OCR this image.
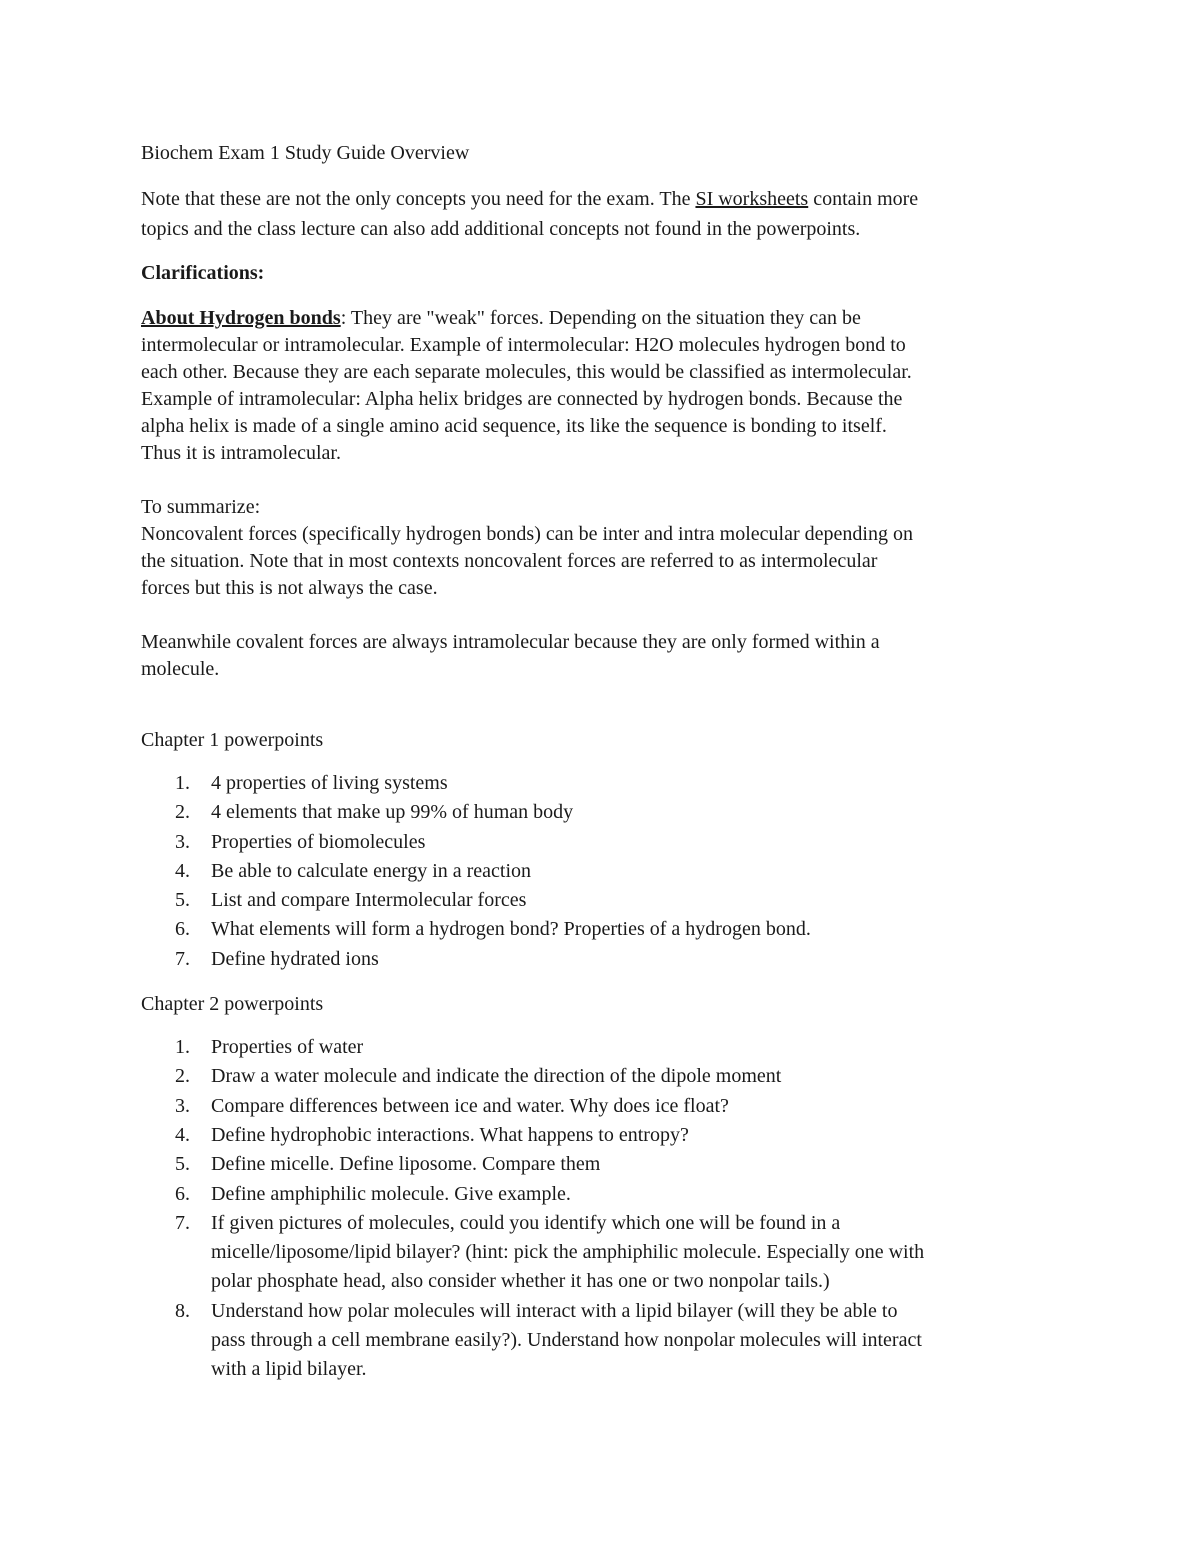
Biochem Exam 1 Study Guide Overview

Note that these are not the only concepts you need for the exam. The SI worksheets contain more

topics and the class lecture can also add additional concepts not found in the powerpoints.

Clarifications:

About Hydrogen bonds: They are "weak" forces. Depending on the situation they can be

intermolecular or intramolecular. Example of intermolecular: H2O molecules hydrogen bond to

each other. Because they are each separate molecules, this would be classified as intermolecular.

Example of intramolecular: Alpha helix bridges are connected by hydrogen bonds. Because the

alpha helix is made of a single amino acid sequence, its like the sequence is bonding to itself.

Thus it is intramolecular.

To summarize:

Noncovalent forces (specifically hydrogen bonds) can be inter and intra molecular depending on

the situation. Note that in most contexts noncovalent forces are referred to as intermolecular

forces but this is not always the case.

Meanwhile covalent forces are always intramolecular because they are only formed within a

molecule.

Chapter 1 powerpoints

1. 4 properties of living systems
2. 4 elements that make up 99% of human body
3. Properties of biomolecules
4. Be able to calculate energy in a reaction
5. List and compare Intermolecular forces
6. What elements will form a hydrogen bond? Properties of a hydrogen bond.
7. Define hydrated ions

Chapter 2 powerpoints

1. Properties of water
2. Draw a water molecule and indicate the direction of the dipole moment
3. Compare differences between ice and water. Why does ice float?
4. Define hydrophobic interactions. What happens to entropy?
5. Define micelle. Define liposome. Compare them
6. Define amphiphilic molecule. Give example.
7. If given pictures of molecules, could you identify which one will be found in a
micelle/liposome/lipid bilayer? (hint: pick the amphiphilic molecule. Especially one with
polar phosphate head, also consider whether it has one or two nonpolar tails.)
8. Understand how polar molecules will interact with a lipid bilayer (will they be able to
pass through a cell membrane easily?). Understand how nonpolar molecules will interact
with a lipid bilayer.
